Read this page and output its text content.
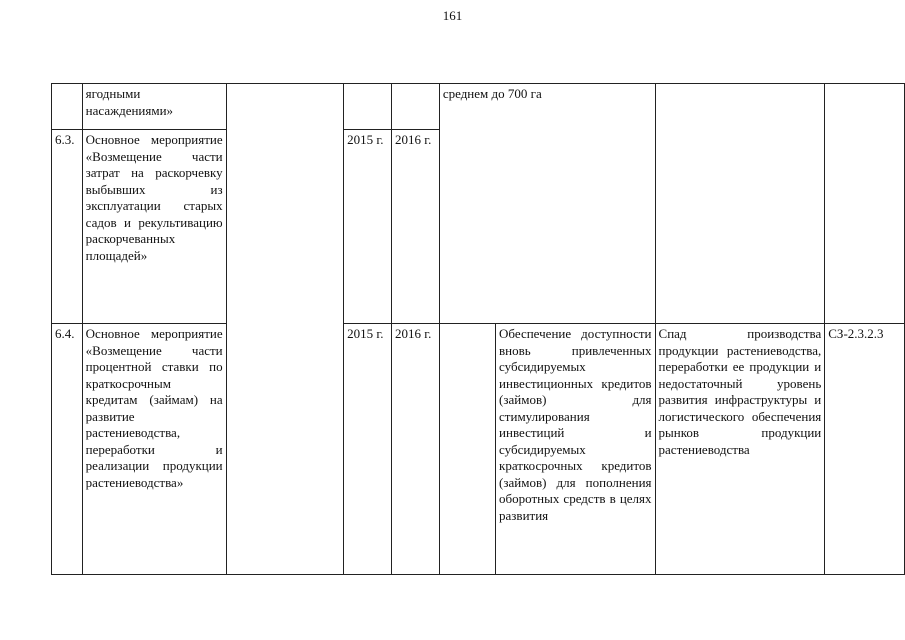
161
	ягодными насаждениями»				среднем до 700 га			
6.3.	Основное мероприятие «Возмещение части затрат на раскорчевку выбывших из эксплуатации старых садов и рекультивацию раскорчеванных площадей»		2015 г.	2016 г.				
6.4.	Основное мероприятие «Возмещение части процентной ставки по краткосрочным кредитам (займам) на развитие растениеводства, переработки и реализации продукции растениеводства»		2015 г.	2016 г.		Обеспечение доступности вновь привлеченных субсидируемых инвестиционных кредитов (займов) для стимулирования инвестиций и субсидируемых краткосрочных кредитов (займов) для пополнения оборотных средств в целях развития	Спад производства продукции растениеводства, переработки ее продукции и недостаточный уровень развития инфраструктуры и логистического обеспечения рынков продукции растениеводства	СЗ-2.3.2.3
